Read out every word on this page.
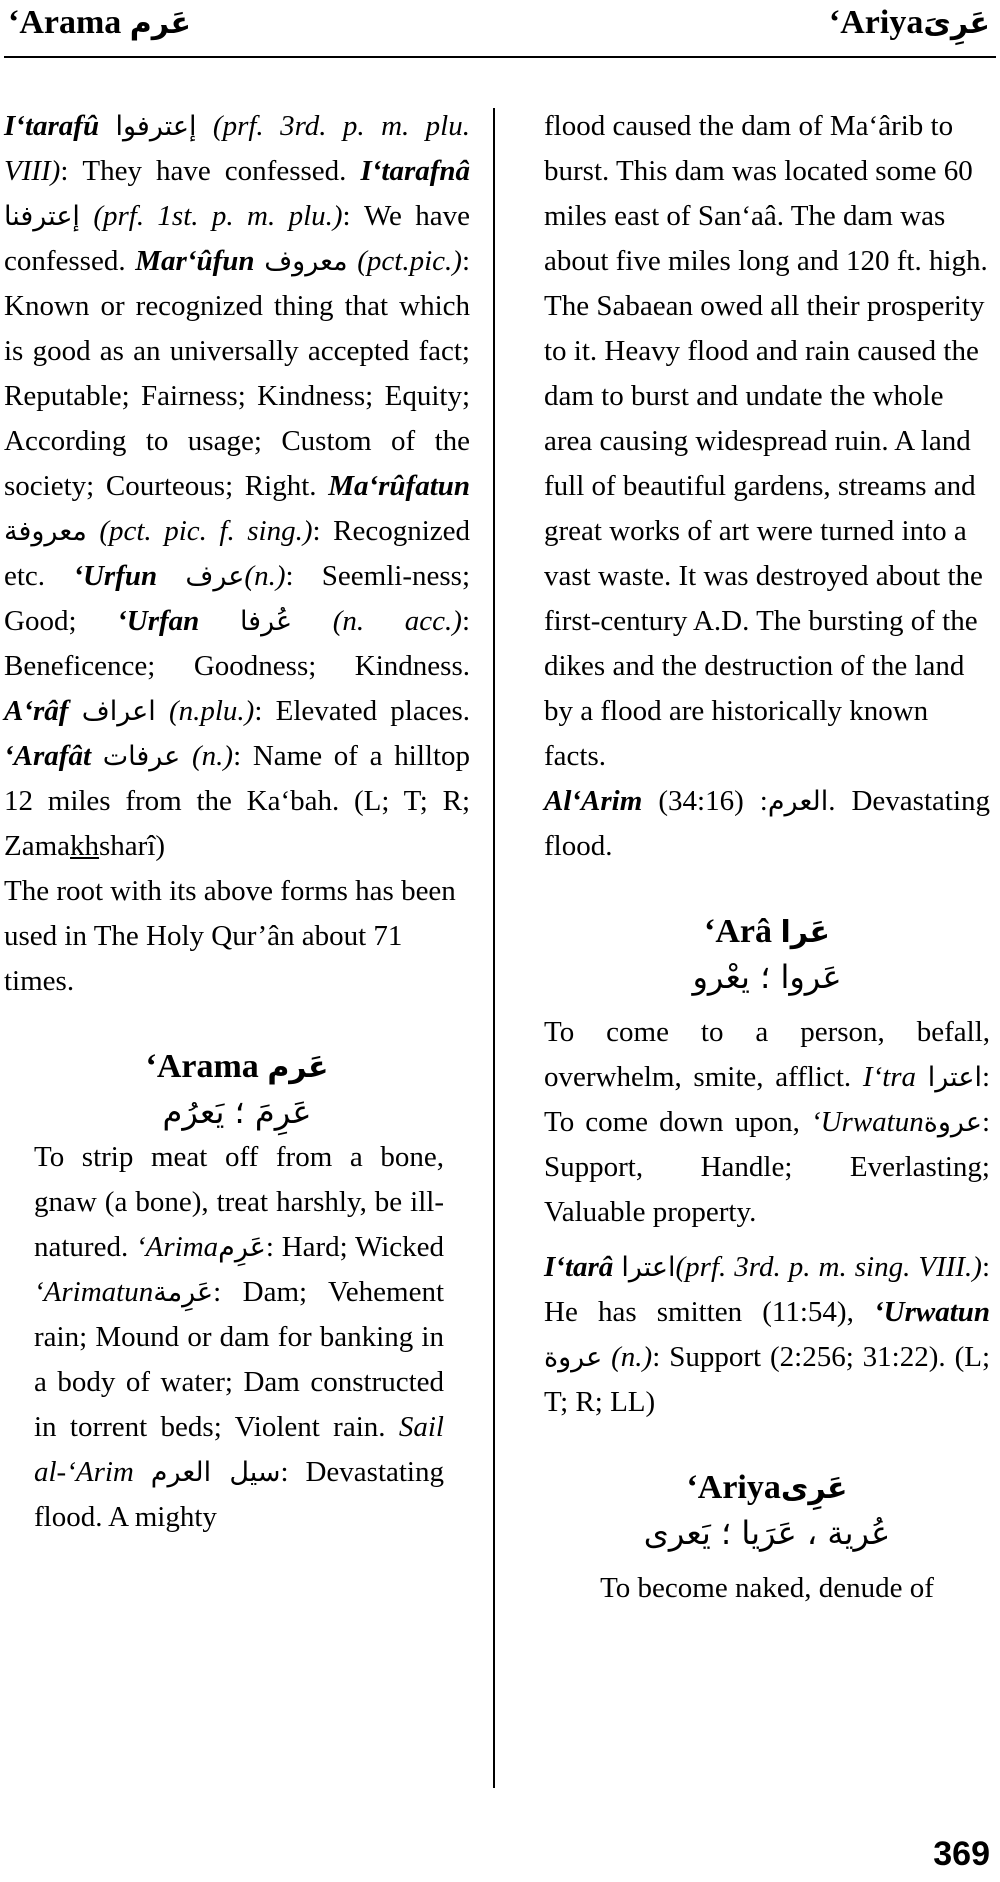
‘Arama عَرم	‘Ariyaعَرِیَ

I‘tarafû إعترفوا (prf. 3rd. p. m. plu. VIII): They have confessed. I‘tarafnâ إعترفنا (prf. 1st. p. m. plu.): We have confessed. Mar‘ûfun معروف (pct.pic.): Known or recognized thing that which is good as an universally accepted fact; Reputable; Fairness; Kindness; Equity; According to usage; Custom of the society; Courteous; Right. Ma‘rûfatun معروفة (pct. pic. f. sing.): Recognized etc. ‘Urfun عرف(n.): Seemli-ness; Good; ‘Urfan عُرفا (n. acc.): Beneficence; Goodness; Kindness. A‘râf اعراف (n.plu.): Elevated places. ‘Arafât عرفات (n.): Name of a hilltop 12 miles from the Ka‘bah. (L; T; R; Zamakhsharî)

The root with its above forms has been used in The Holy Qur’ân about 71 times.

‘Arama عَرم
عَرِمَ ؛ يَعرُم

To strip meat off from a bone, gnaw (a bone), treat harshly, be ill-natured. ‘Arimaعَرِم: Hard; Wicked ‘Arimatunعَرِمة: Dam; Vehement rain; Mound or dam for banking in a body of water; Dam constructed in torrent beds; Violent rain. Sail al-‘Arim سيل العرم: Devastating flood. A mighty

flood caused the dam of Ma‘ârib to burst. This dam was located some 60 miles east of San‘aâ. The dam was about five miles long and 120 ft. high. The Sabaean owed all their prosperity to it. Heavy flood and rain caused the dam to burst and undate the whole area causing widespread ruin. A land full of beautiful gardens, streams and great works of art were turned into a vast waste. It was destroyed about the first-century A.D. The bursting of the dikes and the destruction of the land by a flood are historically known facts.

Al‘Arim	العرم: (34:16). Devastating flood.

‘Arâ عَرا
عَروا ؛ يعْرو

To come to a person, befall, overwhelm, smite, afflict. I‘tra اعترا: To come down upon, ‘Urwatunعروة: Support, Handle; Everlasting; Valuable property.

I‘tarâ اعترا(prf. 3rd. p. m. sing. VIII.): He has smitten (11:54), ‘Urwatun عروة (n.): Support (2:256; 31:22). (L; T; R; LL)

‘Ariyaعَرِی
عُرية ، عَرَيا ؛ يَعرى

To become naked, denude of

369
